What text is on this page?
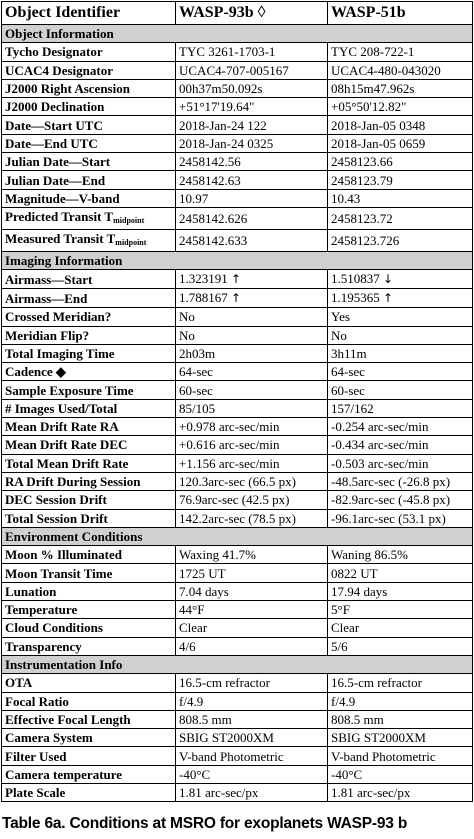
Object Identifier	WASP-93b ◊	WASP-51b
Object Information		
Tycho Designator	TYC 3261-1703-1	TYC 208-722-1
UCAC4 Designator	UCAC4-707-005167	UCAC4-480-043020
J2000 Right Ascension	00h37m50.092s	08h15m47.962s
J2000 Declination	+51°17'19.64"	+05°50'12.82"
Date—Start UTC	2018-Jan-24 122	2018-Jan-05 0348
Date—End UTC	2018-Jan-24 0325	2018-Jan-05 0659
Julian Date—Start	2458142.56	2458123.66
Julian Date—End	2458142.63	2458123.79
Magnitude—V-band	10.97	10.43
Predicted Transit $T_{midpoint}$	2458142.626	2458123.72
Measured Transit $T_{midpoint}$	2458142.633	2458123.726
Imaging Information		
Airmass—Start	1.323191 ↑	1.510837 ↓
Airmass—End	1.788167 ↑	1.195365 ↑
Crossed Meridian?	No	Yes
Meridian Flip?	No	No
Total Imaging Time	2h03m	3h11m
Cadence ◆	64-sec	64-sec
Sample Exposure Time	60-sec	60-sec
# Images Used/Total	85/105	157/162
Mean Drift Rate RA	+0.978 arc-sec/min	-0.254 arc-sec/min
Mean Drift Rate DEC	+0.616 arc-sec/min	-0.434 arc-sec/min
Total Mean Drift Rate	+1.156 arc-sec/min	-0.503 arc-sec/min
RA Drift During Session	120.3arc-sec (66.5 px)	-48.5arc-sec (-26.8 px)
DEC Session Drift	76.9arc-sec (42.5 px)	-82.9arc-sec (-45.8 px)
Total Session Drift	142.2arc-sec (78.5 px)	-96.1arc-sec (53.1 px)
Environment Conditions		
Moon % Illuminated	Waxing 41.7%	Waning 86.5%
Moon Transit Time	1725 UT	0822 UT
Lunation	7.04 days	17.94 days
Temperature	44°F	5°F
Cloud Conditions	Clear	Clear
Transparency	4/6	5/6
Instrumentation Info		
OTA	16.5-cm refractor	16.5-cm refractor
Focal Ratio	f/4.9	f/4.9
Effective Focal Length	808.5 mm	808.5 mm
Camera System	SBIG ST2000XM	SBIG ST2000XM
Filter Used	V-band Photometric	V-band Photometric
Camera temperature	-40°C	-40°C
Plate Scale	1.81 arc-sec/px	1.81 arc-sec/px
Table 6a. Conditions at MSRO for exoplanets WASP-93 b
